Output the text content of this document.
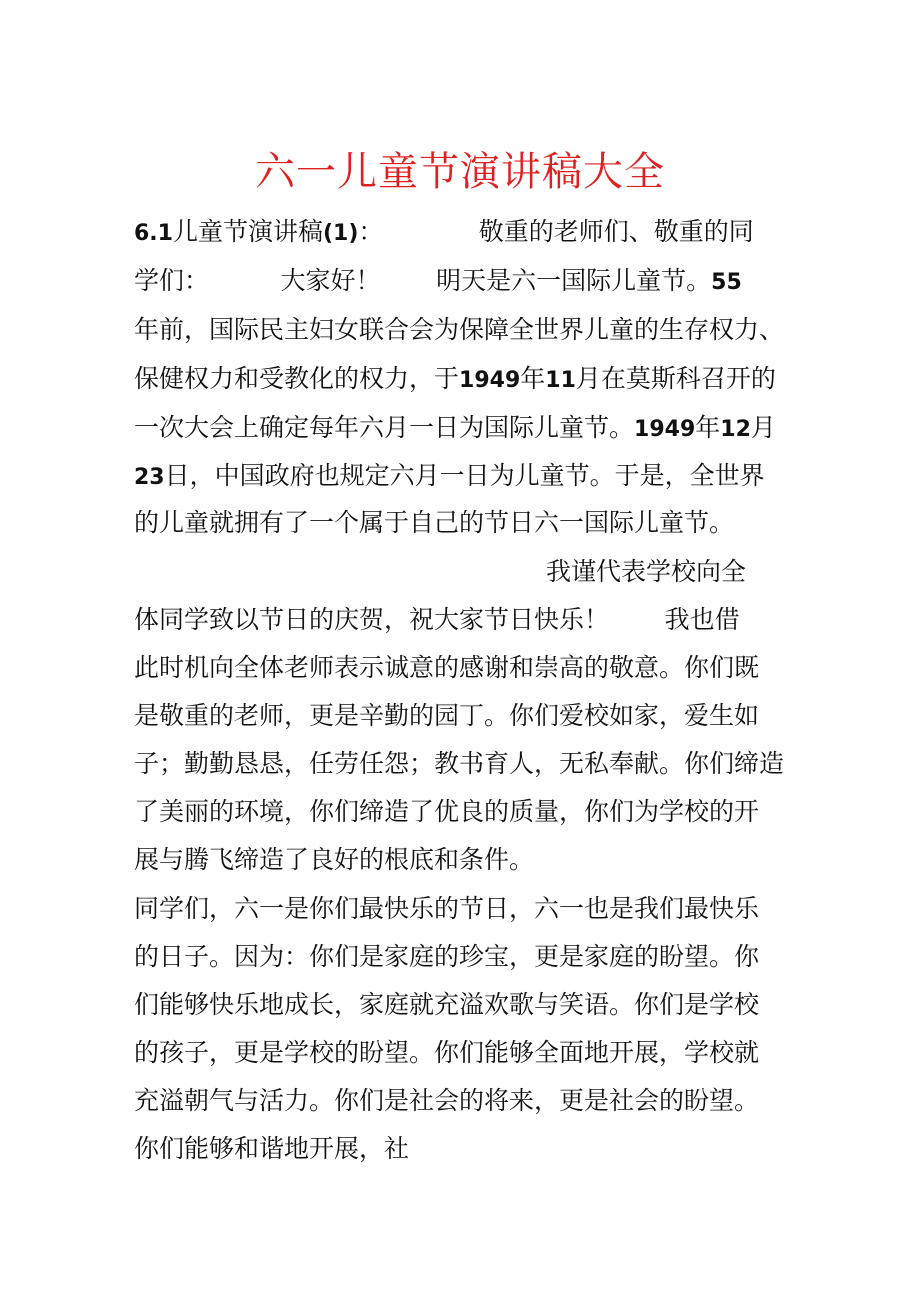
六一儿童节演讲稿大全
6.1儿童节演讲稿(1)：            敬重的老师们、敬重的同
学们：         大家好！       明天是六一国际儿童节。55
年前，国际民主妇女联合会为保障全世界儿童的生存权力、
保健权力和受教化的权力，于1949年11月在莫斯科召开的
一次大会上确定每年六月一日为国际儿童节。1949年12月
23日，中国政府也规定六月一日为儿童节。于是，全世界
的儿童就拥有了一个属于自己的节日六一国际儿童节。
我谨代表学校向全
体同学致以节日的庆贺，祝大家节日快乐！       我也借
此时机向全体老师表示诚意的感谢和崇高的敬意。你们既
是敬重的老师，更是辛勤的园丁。你们爱校如家，爱生如
子；勤勤恳恳，任劳任怨；教书育人，无私奉献。你们缔造
了美丽的环境，你们缔造了优良的质量，你们为学校的开
展与腾飞缔造了良好的根底和条件。
同学们，六一是你们最快乐的节日，六一也是我们最快乐
的日子。因为：你们是家庭的珍宝，更是家庭的盼望。你
们能够快乐地成长，家庭就充溢欢歌与笑语。你们是学校
的孩子，更是学校的盼望。你们能够全面地开展，学校就
充溢朝气与活力。你们是社会的将来，更是社会的盼望。
你们能够和谐地开展，社
